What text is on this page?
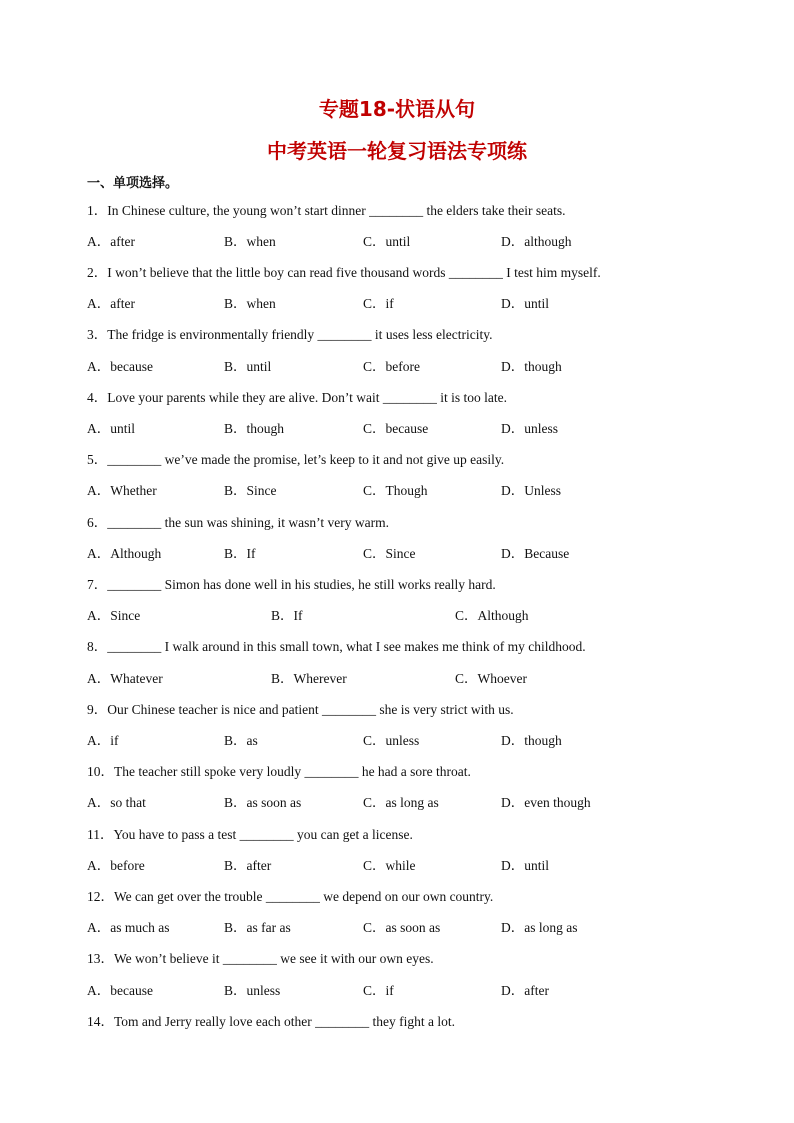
专题18-状语从句
中考英语一轮复习语法专项练
一、单项选择。
1．In Chinese culture, the young won’t start dinner ________ the elders take their seats.
A．after	B．when	C．until	D．although
2．I won’t believe that the little boy can read five thousand words ________ I test him myself.
A．after	B．when	C．if	D．until
3．The fridge is environmentally friendly ________ it uses less electricity.
A．because	B．until	C．before	D．though
4．Love your parents while they are alive. Don’t wait ________ it is too late.
A．until	B．though	C．because	D．unless
5．________ we’ve made the promise, let’s keep to it and not give up easily.
A．Whether	B．Since	C．Though	D．Unless
6．________ the sun was shining, it wasn’t very warm.
A．Although	B．If	C．Since	D．Because
7．________ Simon has done well in his studies, he still works really hard.
A．Since	B．If	C．Although
8．________ I walk around in this small town, what I see makes me think of my childhood.
A．Whatever	B．Wherever	C．Whoever
9．Our Chinese teacher is nice and patient ________ she is very strict with us.
A．if	B．as	C．unless	D．though
10．The teacher still spoke very loudly ________ he had a sore throat.
A．so that	B．as soon as	C．as long as	D．even though
11．You have to pass a test ________ you can get a license.
A．before	B．after	C．while	D．until
12．We can get over the trouble ________ we depend on our own country.
A．as much as	B．as far as	C．as soon as	D．as long as
13．We won’t believe it ________ we see it with our own eyes.
A．because	B．unless	C．if	D．after
14．Tom and Jerry really love each other ________ they fight a lot.
